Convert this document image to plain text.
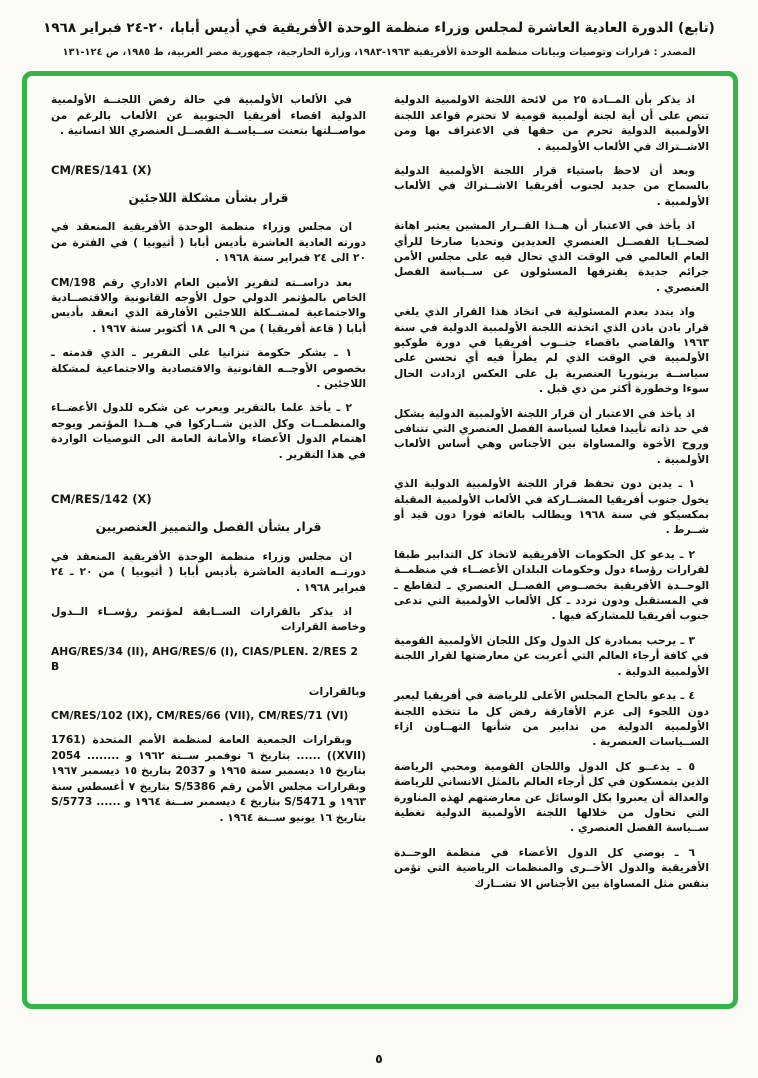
(تابع) الدورة العادية العاشرة لمجلس وزراء منظمة الوحدة الأفريقية في أديس أبابا، ٢٠-٢٤ فبراير ١٩٦٨
المصدر : قرارات وتوصيات وبيانات منظمة الوحدة الأفريقية ١٩٦٣-١٩٨٣، وزارة الخارجية، جمهورية مصر العربية، ط ١٩٨٥، ص ١٢٤-١٣١

اذ يذكر بأن المــادة ٢٥ من لائحة اللجنة الاولمبية الدولية تنص على أن أية لجنة أولمبية قومية لا تحترم قواعد اللجنة الأولمبية الدولية تحرم من حقها في الاعتراف بها ومن الاشــتراك في الألعاب الأولمبية .

وبعد أن لاحظ باستياء قرار اللجنة الأولمبية الدولية بالسماح من جديد لجنوب أفريقيا الاشــتراك في الألعاب الأولمبية .

اذ يأخذ في الاعتبار أن هــذا القــرار المشين يعتبر اهانة لضحــايا الفصــل العنصري العديدين وتحديا صارخا للرأي العام العالمي في الوقت الذي تحال فيه على مجلس الأمن جرائم جديدة يقترفها المسئولون عن ســياسة الفصل العنصري .

واذ يندد بعدم المسئولية في اتخاذ هذا القرار الذي يلغي قرار بادن بادن الذي اتخذته اللجنة الأولمبية الدولية في سنة ١٩٦٣ والقاضي باقصاء جنــوب أفريقيا في دورة طوكيو الأولمبية في الوقت الذي لم يطرأ فيه أي تحسن على سياســة بريتوريا العنصرية بل على العكس ازدادت الحال سوءا وخطورة أكثر من ذي قبل .

اذ يأخذ في الاعتبار أن قرار اللجنة الأولمبية الدولية يشكل في حد ذاته تأييدا فعليا لسياسة الفصل العنصري التي تتنافى وروح الأخوة والمساواة بين الأجناس وهي أساس الألعاب الأولمبية .

١ ـ يدين دون تحفظ قرار اللجنة الأولمبية الدولية الذي يخول جنوب أفريقيا المشــاركة في الألعاب الأولمبية المقبلة بمكسيكو في سنة ١٩٦٨ ويطالب بالغائه فورا دون قيد أو شــرط .

٢ ـ يدعو كل الحكومات الأفريقية لاتخاذ كل التدابير طبقا لقرارات رؤساء دول وحكومات البلدان الأعضــاء في منظمــة الوحــدة الأفريقية بخصــوص الفصــل العنصري ـ لتقاطع ـ في المستقبل ودون تردد ـ كل الألعاب الأولمبية التي تدعى جنوب أفريقيا للمشاركة فيها .

٣ ـ يرحب بمبادرة كل الدول وكل اللجان الأولمبية القومية في كافة أرجاء العالم التي أعربت عن معارضتها لقرار اللجنة الأولمبية الدولية .

٤ ـ يدعو بالحاح المجلس الأعلى للرياضة في أفريقيا ليعبر دون اللجوء إلى عزم الأفارقة رفض كل ما تتخذه اللجنة الأولمبية الدولية من تدابير من شأنها التهــاون ازاء الســياسات العنصرية .

٥ ـ يدعــو كل الدول واللجان القومية ومحبي الرياضة الذين يتمسكون في كل أرجاء العالم بالمثل الانساني للرياضة والعدالة أن يعبروا بكل الوسائل عن معارضتهم لهذه المناورة التي تحاول من خلالها اللجنة الأولمبية الدولية تغطية ســياسة الفصل العنصري .

٦ ـ يوصي كل الدول الأعضاء في منظمة الوحــدة الأفريقية والدول الأخــرى والمنظمات الرياضية التي تؤمن بنفس مثل المساواة بين الأجناس الا تشــارك

في الألعاب الأولمبية في حالة رفض اللجنــة الأولمبية الدولية اقصاء أفريقيا الجنوبية عن الألعاب بالرغم من مواصــلتها بتعنت ســياســة الفصــل العنصري اللا انسانية .

CM/RES/141 (X)
قرار بشأن مشكلة اللاجئين

ان مجلس وزراء منظمة الوحدة الأفريقية المنعقد في دورته العادية العاشرة بأديس أبابا ( أثيوبيا ) في الفترة من ٢٠ الى ٢٤ فبراير سنة ١٩٦٨ .

بعد دراســته لتقرير الأمين العام الاداري رقم CM/198 الخاص بالمؤتمر الدولي حول الأوجه القانونية والاقتصــادية والاجتماعية لمشــكلة اللاجئين الأفارقة الذي انعقد بأديس أبابا ( قاعة أفريقيا ) من ٩ الى ١٨ أكتوبر سنة ١٩٦٧ .

١ ـ يشكر حكومة تنزانيا على التقرير ـ الذي قدمته ـ بخصوص الأوجــه القانونية والاقتصادية والاجتماعية لمشكلة اللاجئين .

٢ ـ يأخذ علما بالتقرير ويعرب عن شكره للدول الأعضــاء والمنظمــات وكل الذين شــاركوا في هــذا المؤتمر ويوجه اهتمام الدول الأعضاء والأمانة العامة الى التوصيات الواردة في هذا التقرير .

CM/RES/142 (X)
قرار بشأن الفصل والتمييز العنصريين

ان مجلس وزراء منظمة الوحدة الأفريقية المنعقد في دورتــه العادية العاشرة بأديس أبابا ( أثيوبيا ) من ٢٠ ـ ٢٤ فبراير ١٩٦٨ .

اذ يذكر بالقرارات الســابقة لمؤتمر رؤســاء الــدول وخاصة القرارات

AHG/RES/34 (II), AHG/RES/6 (I), CIAS/PLEN. 2/RES 2 B

وبالقرارات

CM/RES/102 (IX), CM/RES/66 (VII), CM/RES/71 (VI)

وبقرارات الجمعية العامة لمنظمة الأمم المتحدة (1761 (XVII)) ...... بتاريخ ٦ نوفمبر ســنة ١٩٦٢ و ........ 2054 بتاريخ ١٥ ديسمبر سنة ١٩٦٥ و 2037 بتاريخ ١٥ ديسمبر ١٩٦٧ وبقرارات مجلس الأمن رقم S/5386 بتاريخ ٧ أغسطس سنة ١٩٦٣ و S/5471 بتاريخ ٤ ديسمبر ســنة ١٩٦٤ و ...... S/5773 بتاريخ ١٦ يونيو ســنة ١٩٦٤ .

٥
